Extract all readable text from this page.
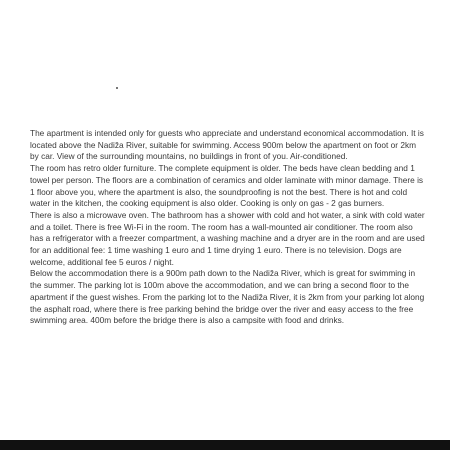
The apartment is intended only for guests who appreciate and understand economical accommodation. It is located above the Nadiža River, suitable for swimming. Access 900m below the apartment on foot or 2km by car. View of the surrounding mountains, no buildings in front of you. Air-conditioned.

The room has retro older furniture. The complete equipment is older. The beds have clean bedding and 1 towel per person. The floors are a combination of ceramics and older laminate with minor damage. There is 1 floor above you, where the apartment is also, the soundproofing is not the best. There is hot and cold water in the kitchen, the cooking equipment is also older. Cooking is only on gas - 2 gas burners.

There is also a microwave oven. The bathroom has a shower with cold and hot water, a sink with cold water and a toilet. There is free Wi-Fi in the room. The room has a wall-mounted air conditioner. The room also has a refrigerator with a freezer compartment, a washing machine and a dryer are in the room and are used for an additional fee: 1 time washing 1 euro and 1 time drying 1 euro. There is no television. Dogs are welcome, additional fee 5 euros / night.

Below the accommodation there is a 900m path down to the Nadiža River, which is great for swimming in the summer. The parking lot is 100m above the accommodation, and we can bring a second floor to the apartment if the guest wishes. From the parking lot to the Nadiža River, it is 2km from your parking lot along the asphalt road, where there is free parking behind the bridge over the river and easy access to the free swimming area. 400m before the bridge there is also a campsite with food and drinks.
